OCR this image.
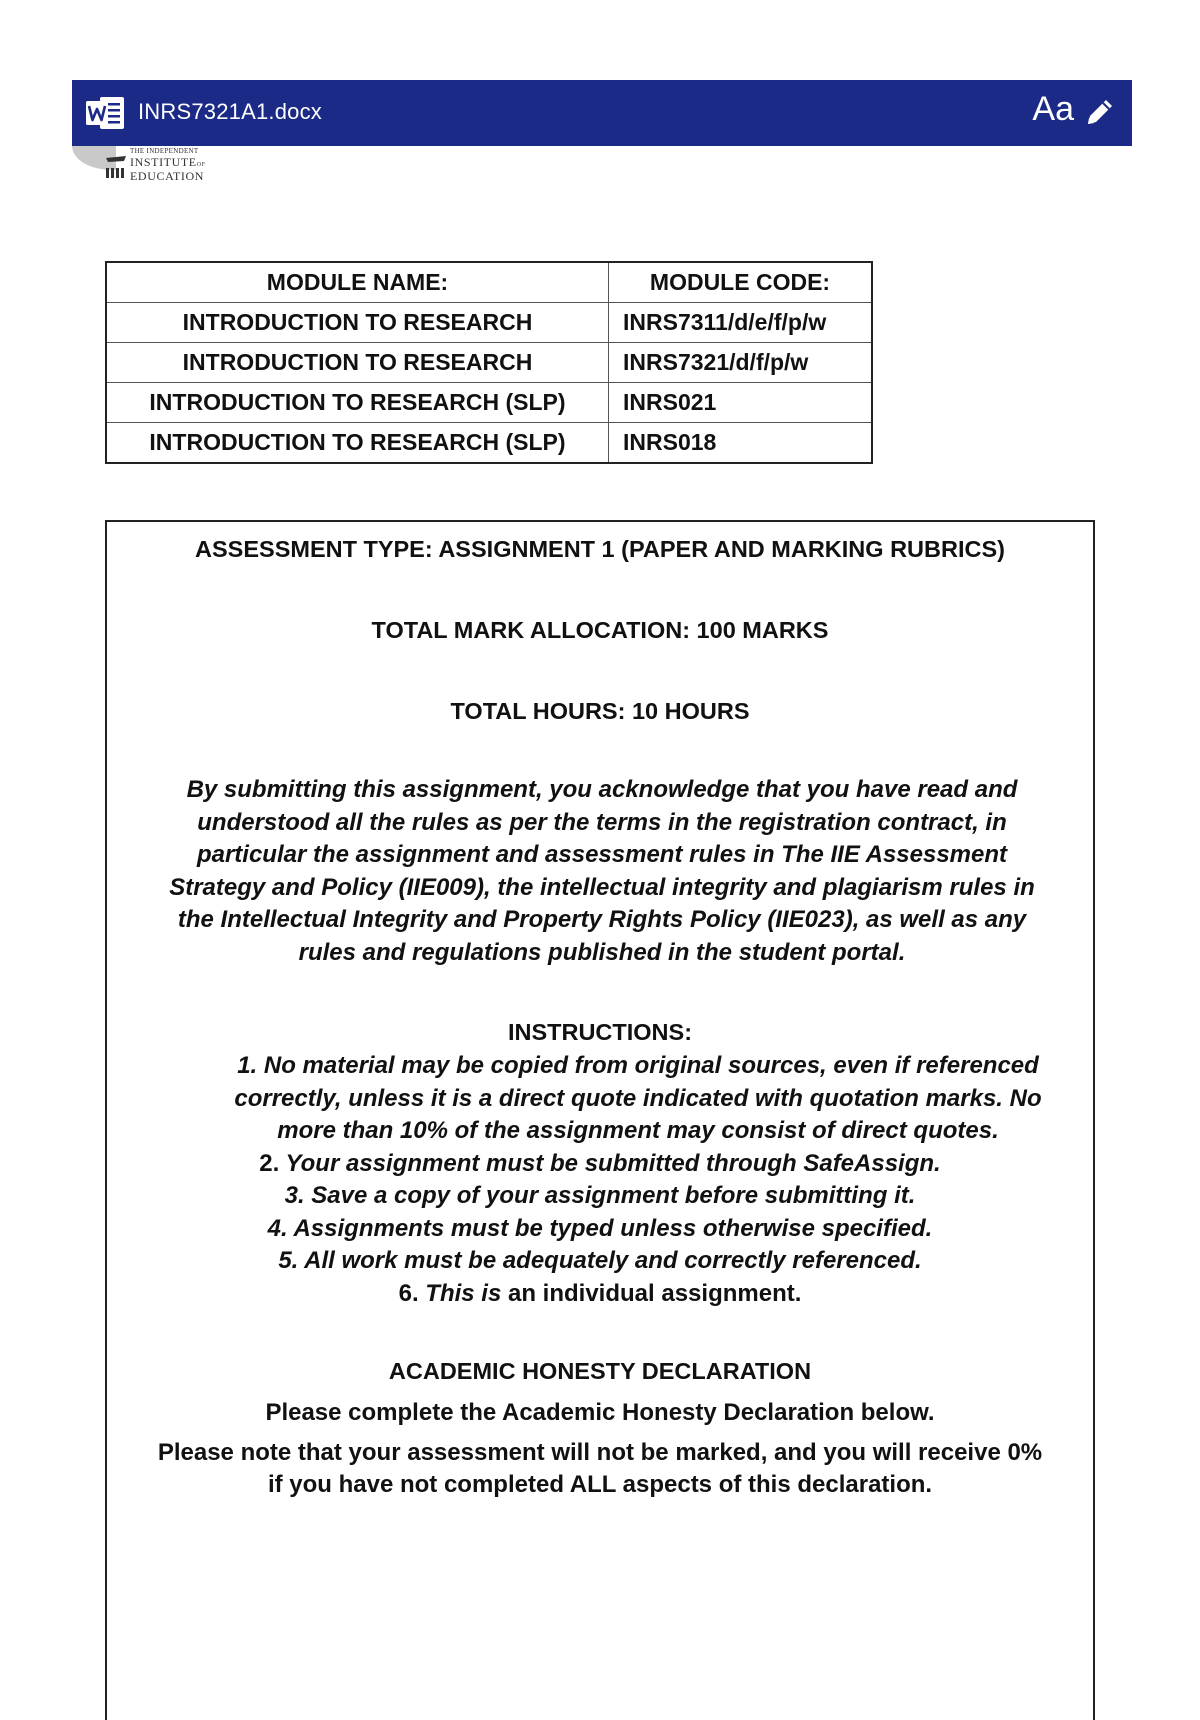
INRS7321A1.docx	Aa
THE INDEPENDENT
INSTITUTEOF
EDUCATION
MODULE NAME:	MODULE CODE:
INTRODUCTION TO RESEARCH	INRS7311/d/e/f/p/w
INTRODUCTION TO RESEARCH	INRS7321/d/f/p/w
INTRODUCTION TO RESEARCH (SLP)	INRS021
INTRODUCTION TO RESEARCH (SLP)	INRS018
ASSESSMENT TYPE: ASSIGNMENT 1 (PAPER AND MARKING RUBRICS)
TOTAL MARK ALLOCATION: 100 MARKS
TOTAL HOURS: 10 HOURS
By submitting this assignment, you acknowledge that you have read and
understood all the rules as per the terms in the registration contract, in
particular the assignment and assessment rules in The IIE Assessment
Strategy and Policy (IIE009), the intellectual integrity and plagiarism rules in
the Intellectual Integrity and Property Rights Policy (IIE023), as well as any
rules and regulations published in the student portal.
INSTRUCTIONS:
1. No material may be copied from original sources, even if referenced
correctly, unless it is a direct quote indicated with quotation marks. No
more than 10% of the assignment may consist of direct quotes.
2. Your assignment must be submitted through SafeAssign.
3. Save a copy of your assignment before submitting it.
4. Assignments must be typed unless otherwise specified.
5. All work must be adequately and correctly referenced.
6. This is an individual assignment.
ACADEMIC HONESTY DECLARATION
Please complete the Academic Honesty Declaration below.
Please note that your assessment will not be marked, and you will receive 0%
if you have not completed ALL aspects of this declaration.
